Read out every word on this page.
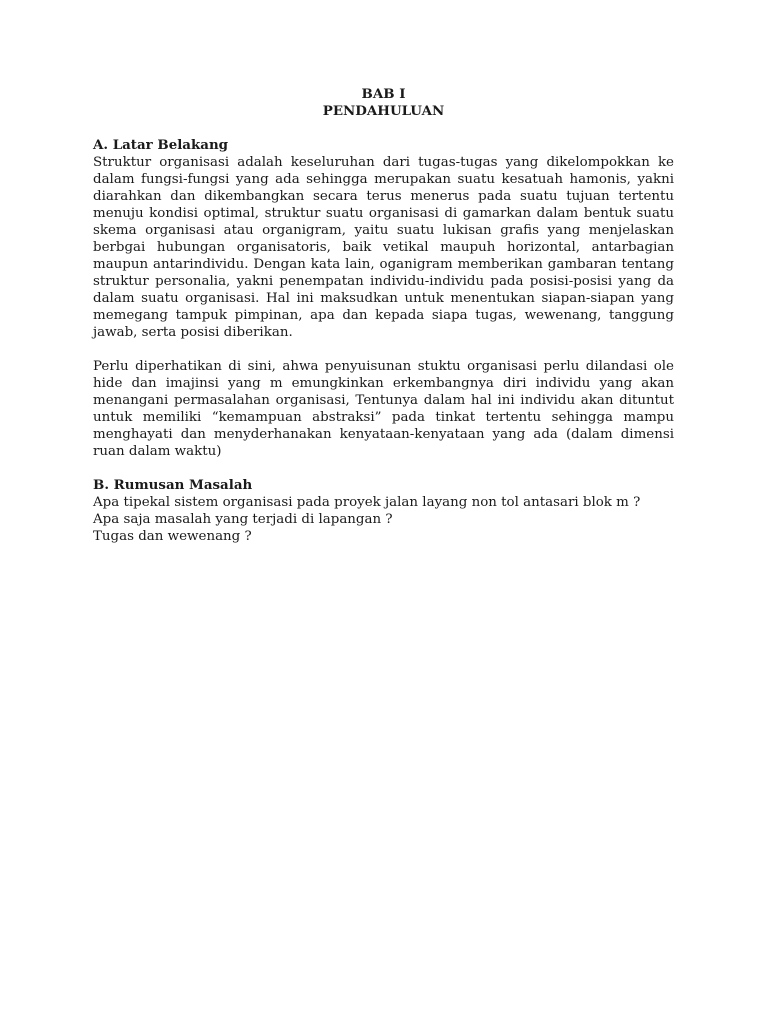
BAB I

PENDAHULUAN

A. Latar Belakang

Struktur organisasi adalah keseluruhan dari tugas-tugas yang dikelompokkan ke dalam fungsi-fungsi yang ada sehingga merupakan suatu kesatuah hamonis, yakni diarahkan dan dikembangkan secara terus menerus pada suatu tujuan tertentu menuju kondisi optimal, struktur suatu organisasi di gamarkan dalam bentuk suatu skema organisasi atau organigram, yaitu suatu lukisan grafis yang menjelaskan berbgai hubungan organisatoris, baik vetikal maupuh horizontal, antarbagian maupun antarindividu. Dengan kata lain, oganigram memberikan gambaran tentang struktur personalia, yakni penempatan individu-individu pada posisi-posisi yang da dalam suatu organisasi. Hal ini maksudkan untuk menentukan siapan-siapan yang memegang tampuk pimpinan, apa dan kepada siapa tugas, wewenang, tanggung jawab, serta posisi diberikan.

Perlu diperhatikan di sini, ahwa penyuisunan stuktu organisasi perlu dilandasi ole hide dan imajinsi yang m emungkinkan erkembangnya diri individu yang akan menangani permasalahan organisasi, Tentunya dalam hal ini individu akan dituntut untuk memiliki “kemampuan abstraksi” pada tinkat tertentu sehingga mampu menghayati dan menyderhanakan kenyataan-kenyataan yang ada (dalam dimensi ruan dalam waktu)

B. Rumusan Masalah

Apa tipekal sistem organisasi pada proyek jalan layang non tol antasari blok m ?

Apa saja masalah yang terjadi di lapangan ?

Tugas dan wewenang ?
